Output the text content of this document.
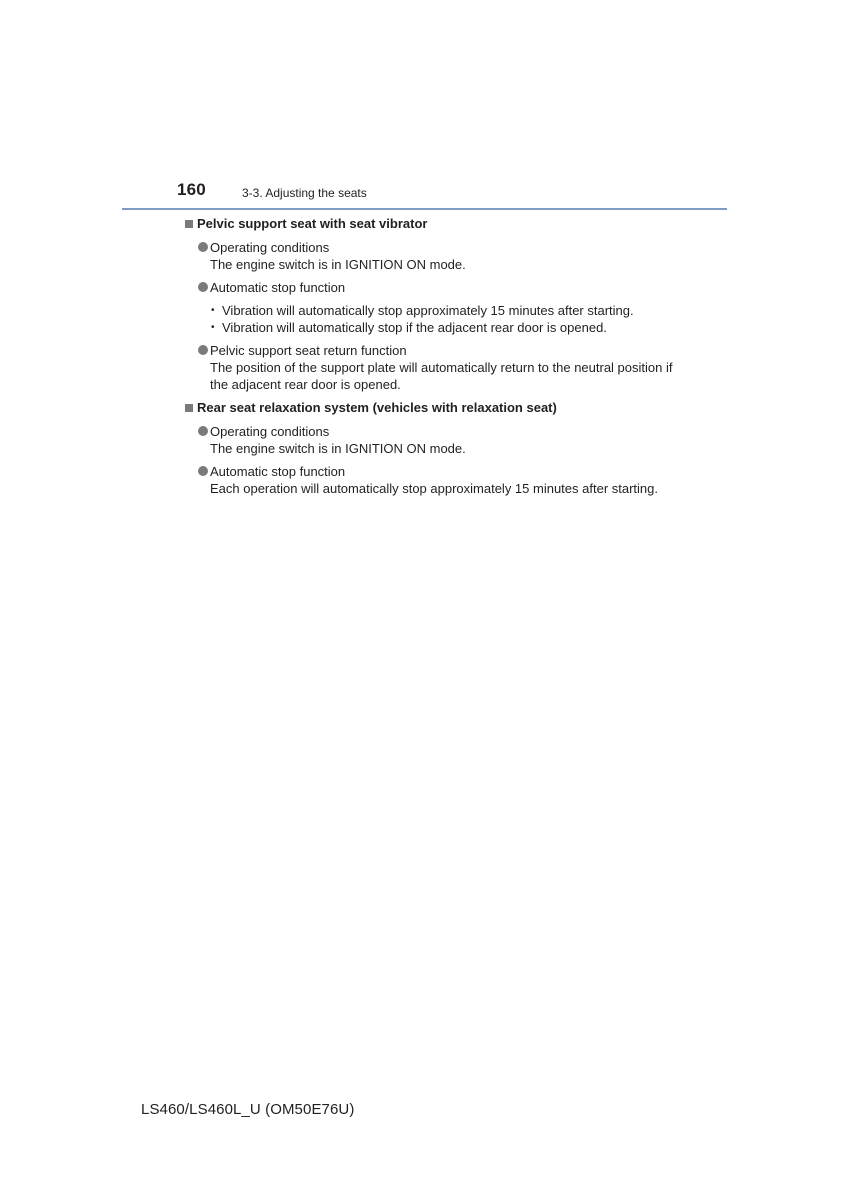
160	3-3. Adjusting the seats
Pelvic support seat with seat vibrator
Operating conditions
The engine switch is in IGNITION ON mode.
Automatic stop function
• Vibration will automatically stop approximately 15 minutes after starting.
• Vibration will automatically stop if the adjacent rear door is opened.
Pelvic support seat return function
The position of the support plate will automatically return to the neutral position if the adjacent rear door is opened.
Rear seat relaxation system (vehicles with relaxation seat)
Operating conditions
The engine switch is in IGNITION ON mode.
Automatic stop function
Each operation will automatically stop approximately 15 minutes after starting.
LS460/LS460L_U (OM50E76U)
